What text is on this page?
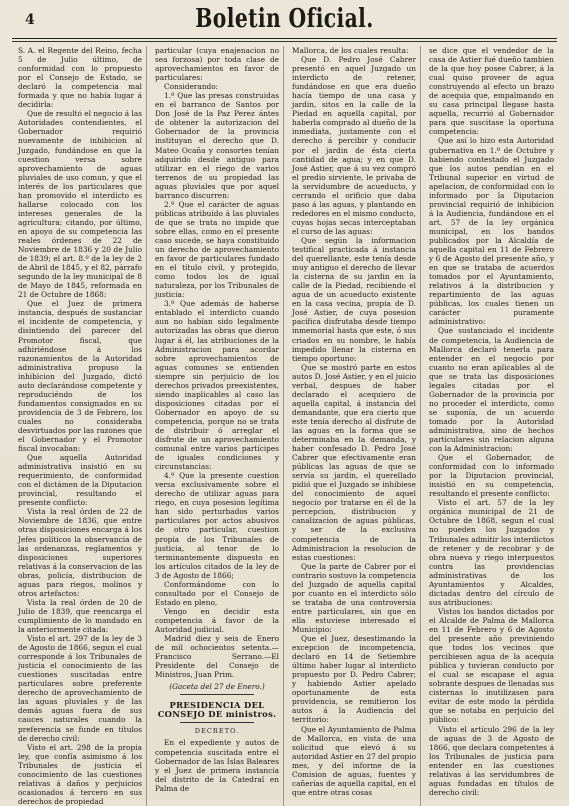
4	Boletin Oficial.

S. A. el Regente del Reino, fecha 5 de Julio último, de conformidad con lo propuesto por el Consejo de Estado, se declaró la competencia mal formada y que no había lugar á decidirla:

Que de resultó el negocio á las Autoridades contendientes, el Gobernador requirió nuevamente de inhibicion al Juzgado, fundándose en que la cuestion versa sobre aprovechamiento de aguas pluviales de uso comun, y que el interés de los particulares que han promovido el interdicto es hallarse colocado con los intereses generales de la agricultura; citando, por último, en apoyo de su competencia las reales órdenes de 22 de Noviembre de 1836 y 20 de Julio de 1839; el art. 8.º de la ley de 2 de Abril de 1845, y el 82, párrafo segundo de la ley municipal de 8 de Mayo de 1845, reformada en 21 de Octubre de 1868:

Que el Juez de primera instancia, después de sustanciar el incidente de competencia, y disintiendo del parecer del Promotor fiscal, que adhiriéndose á los razonamientos de la Autoridad administrativa propuso la inhibicion del Juzgado, dictó auto declarándose competente y reproduciéndo de los fundamentos consignados en su providencia de 3 de Febrero, los cuales no consideraba desvirtuados por las razones que el Gobernador y el Promotor fiscal invocaban:

Que aquella Autoridad administrativa insistió en su requerimiento, de conformidad con el dictámen de la Diputacion provincial, resultando el presente conflicto:

Vista la real órden de 22 de Noviembre de 1836, que entre otras disposiciones encarga á los Jefes políticos la observancia de las ordenanzas, reglamentos y disposiciones superiores relativas á la conservacion de las obras, policía, distribucion de aguas para riegos, molinos y otros artefactos:

Vista la real órden de 20 de Julio de 1839, que reencarga el cumplimiento de lo mandado en la anteriormente citada:

Visto el art. 297 de la ley de 3 de Agosto de 1866, segun el cual corresponde á los Tribunales de justicia el conocimiento de las cuestiones suscitadas entre particulares sobre preferente derecho de aprovechamiento de las aguas pluviales y de las demás aguas fuera de sus cauces naturales cuando la preferencia se funde en títulos de derecho civil:

Visto el art. 298 de la propia ley, que confía asimismo á los Tribunales de justicia el conocimiento de las cuestiones relativas á daños y perjuicios ocasionados á tercero en sus derechos de propiedad

particular (cuya enajenacion no sea forzosa) por toda clase de aprovechamientos en favor de particulares:

Considerando:

1.º Que las presas construidas en el barranco de Santos por Don José de la Paz Perez ántes de obtener la autorizacion del Gobernador de la provincia instituyan el derecho que D. Mateo Ocaña y consortes tenían adquirido desde antiguo para utilizar en el riego de varios terrenos de su propiedad las aguas pluviales que por aquel barranco discurren:

2.º Que el carácter de aguas públicas atribuido á las pluviales de que se trata no impide que sobre ellas, como en el presente caso sucede, se haya constituido un derecho de aprovechamiento en favor de particulares fundado en el título civil, y protegido, como todos los de igual naturaleza, por los Tribunales de justicia:

3.º Que además de haberse entablado el interdicto cuando aun no habían sido legalmente autorizadas las obras que dieron lugar á él, las atribuciones de la Administracion para acordar sobre aprovechamientos de aguas comunes se entienden siempre sin perjuicio de los derechos privados preexistentes, siendo inaplicables al caso las disposiciones citadas por el Gobernador en apoyo de su competencia, porque no se trata de distribuir ó arreglar el disfrute de un aprovechamiento comunal entre varios partícipes de iguales condiciones y circunstancias:

4.º Que la presente cuestion versa exclusivamente sobre el derecho de utilizar aguas para riego, en cuya posesion legítima han sido perturbados varios particulares por actos abusivos de otro particular, cuestion propia de los Tribunales de justicia, al tenor de lo terminantemente dispuesto en los artículos citados de la ley de 3 de Agosto de 1866;

Conformándome con lo consultado por el Consejo de Estado en pleno,

Vengo en decidir esta competencia á favor de la Autoridad judicial.

Madrid diez y seis de Enero de mil ochocientos setenta.—Francisco Serrano.—El Presidente del Consejo de Ministros, Juan Prim.

(Gaceta del 27 de Enero.)

PRESIDENCIA DEL CONSEJO DE ministros.

DECRETO.

En el expediente y autos de competencia suscitada entre el Gobernador de las Islas Baleares y el Juez de primera instancia del distrito de la Catedral en Palma de

Mallorca, de los cuales resulta:

Que D. Pedro José Cabrer presentó en aquel Juzgado un interdicto de retener, fundándose en que era dueño hacía tiempo de una casa y jardin, sitos en la calle de la Piedad en aquella capital, por haberla comprado al dueño de la inmediata, justamente con el derecho á percibir y conducir por el jardin de ésta cierta cantidad de agua; y en que D. José Astier, que á su vez compró el predio sirviente, le privaba de la servidumbre de acueducto, y cerrando el orificio que daba paso á las aguas, y plantando en rededores en el mismo conducto, cuyas hojas secas interceptaban el curso de las aguas:

Que según la informacion testifical practicada á instancia del querellante, este tenía desde muy antiguo el derecho de llevar la cisterna de su jardin en la calle de la Piedad, recibiendo el agua de un acueducto existente en la casa vecina, propia de D. José Astier, de cuya posesion pacífica disfrutaba desde tiempo inmemorial hasta que este, ó sus criados en su nombre, le había impedido llenar la cisterna en tiempo oportuno:

Que se mostró parte en estos autos D. José Astier, y en el juicio verbal, despues de haber declarado el acequiero de aquella capital, á instancia del demandante, que era cierto que este tenía derecho al disfrute de las aguas en la forma que se determinaba en la demanda, y haber confesado D. Pedro José Cabrer que efectivamente eran públicas las aguas de que se servía su jardin, el querellado pidió que el Juzgado se inhibiese del conocimiento de aquel negocio por tratarse en él de la percepcion, distribucion y canalizacion de aguas públicas, y ser de la exclusiva competencia de la Administracion la resolucion de estas cuestiones:

Que la parte de Cabrer por el contrario sostuvo la competencia del Juzgado de aquella capital por cuanto en el interdicto sólo se trataba de una controversia entre particulares, sin que en ella estuviese interesado el Municipio:

Que el Juez, desestimando la excepcion de incompetencia, declaró en 14 de Setiembre último haber lugar al interdicto propuesto por D. Pedro Cabrer; y habiendo Astier apelado oportunamente de esta providencia, se remitieron los autos á la Audiencia del territorio:

Que el Ayuntamiento de Palma de Mallorca, en vista de una solicitud que elevó á su autoridad Astier en 27 del propio mes, y del informe de la Comision de aguas, fuentes y cañerías de aquella capital, en el que entre otras cosas

se dice que el vendedor de la casa de Astier fué dueño tambien de la que hoy posee Cabrer, á la cual quiso proveer de agua construyendo al efecto un brazo de acequia que, empalmando en su casa principal llegase hasta aquella, recurrió al Gobernador para que suscitase la oportuna competencia:

Que así lo hizo esta Autoridad gubernativa en 1.º de Octubre y habiendo contestado el Juzgado que los autos pendían en el Tribunal superior en virtud de apelacion, de conformidad con lo informado por la Diputacion provincial requirió de inhibicion á la Audiencia, fundándose en el art. 57 de la ley orgánica municipal, en los bandos publicados por la Alcaldía de aquella capital en 11 de Febrero y 6 de Agosto del presente año, y en que se trataba de acuerdos tomados por el Ayuntamiento, relativos á la distribucion y repartimiento de las aguas públicas, los cuales tienen un carácter puramente administrativo:

Que sustanciado el incidente de competencia, la Audiencia de Mallorca declaró tenerla para entender en el negocio por cuanto no eran aplicables al de que se trata las disposiciones legales citadas por el Gobernador de la provincia por no proceder el interdicto, como se suponía, de un acuerdo tomado por la Autoridad administrativa, sino de hechos particulares sin relacion alguna con la Administracion:

Que el Gobernador, de conformidad con lo informado por la Diputacion provincial, insistió en su competencia, resultando el presente conflicto:

Visto el art. 57 de la ley orgánica municipal de 21 de Octubre de 1868, segun el cual no pueden los Juzgados y Tribunales admitir los interdictos de retener y de recobrar y de obra nueva y riego interpuestos contra las providencias administrativas de los Ayuntamientos y Alcaldes, dictadas dentro del círculo de sus atribuciones:

Vistos los bandos dictados por el Alcalde de Palma de Mallorca en 11 de Febrero y 6 de Agosto del presente año previniendo que todos los vecinos que percibiesen agua de la acequia pública y tuvieran conducto por el cual se escapase el agua sobrante despues de llenadas sus cisternas lo inutilizasen para evitar de este modo la pérdida que se notaba en perjuicio del público:

Visto el artículo 296 de la ley de aguas de 3 de Agosto de 1866, que declara competentes á los Tribunales de justicia para entender en las cuestiones relativas á las servidumbres de aguas fundadas en títulos de derecho civil:
